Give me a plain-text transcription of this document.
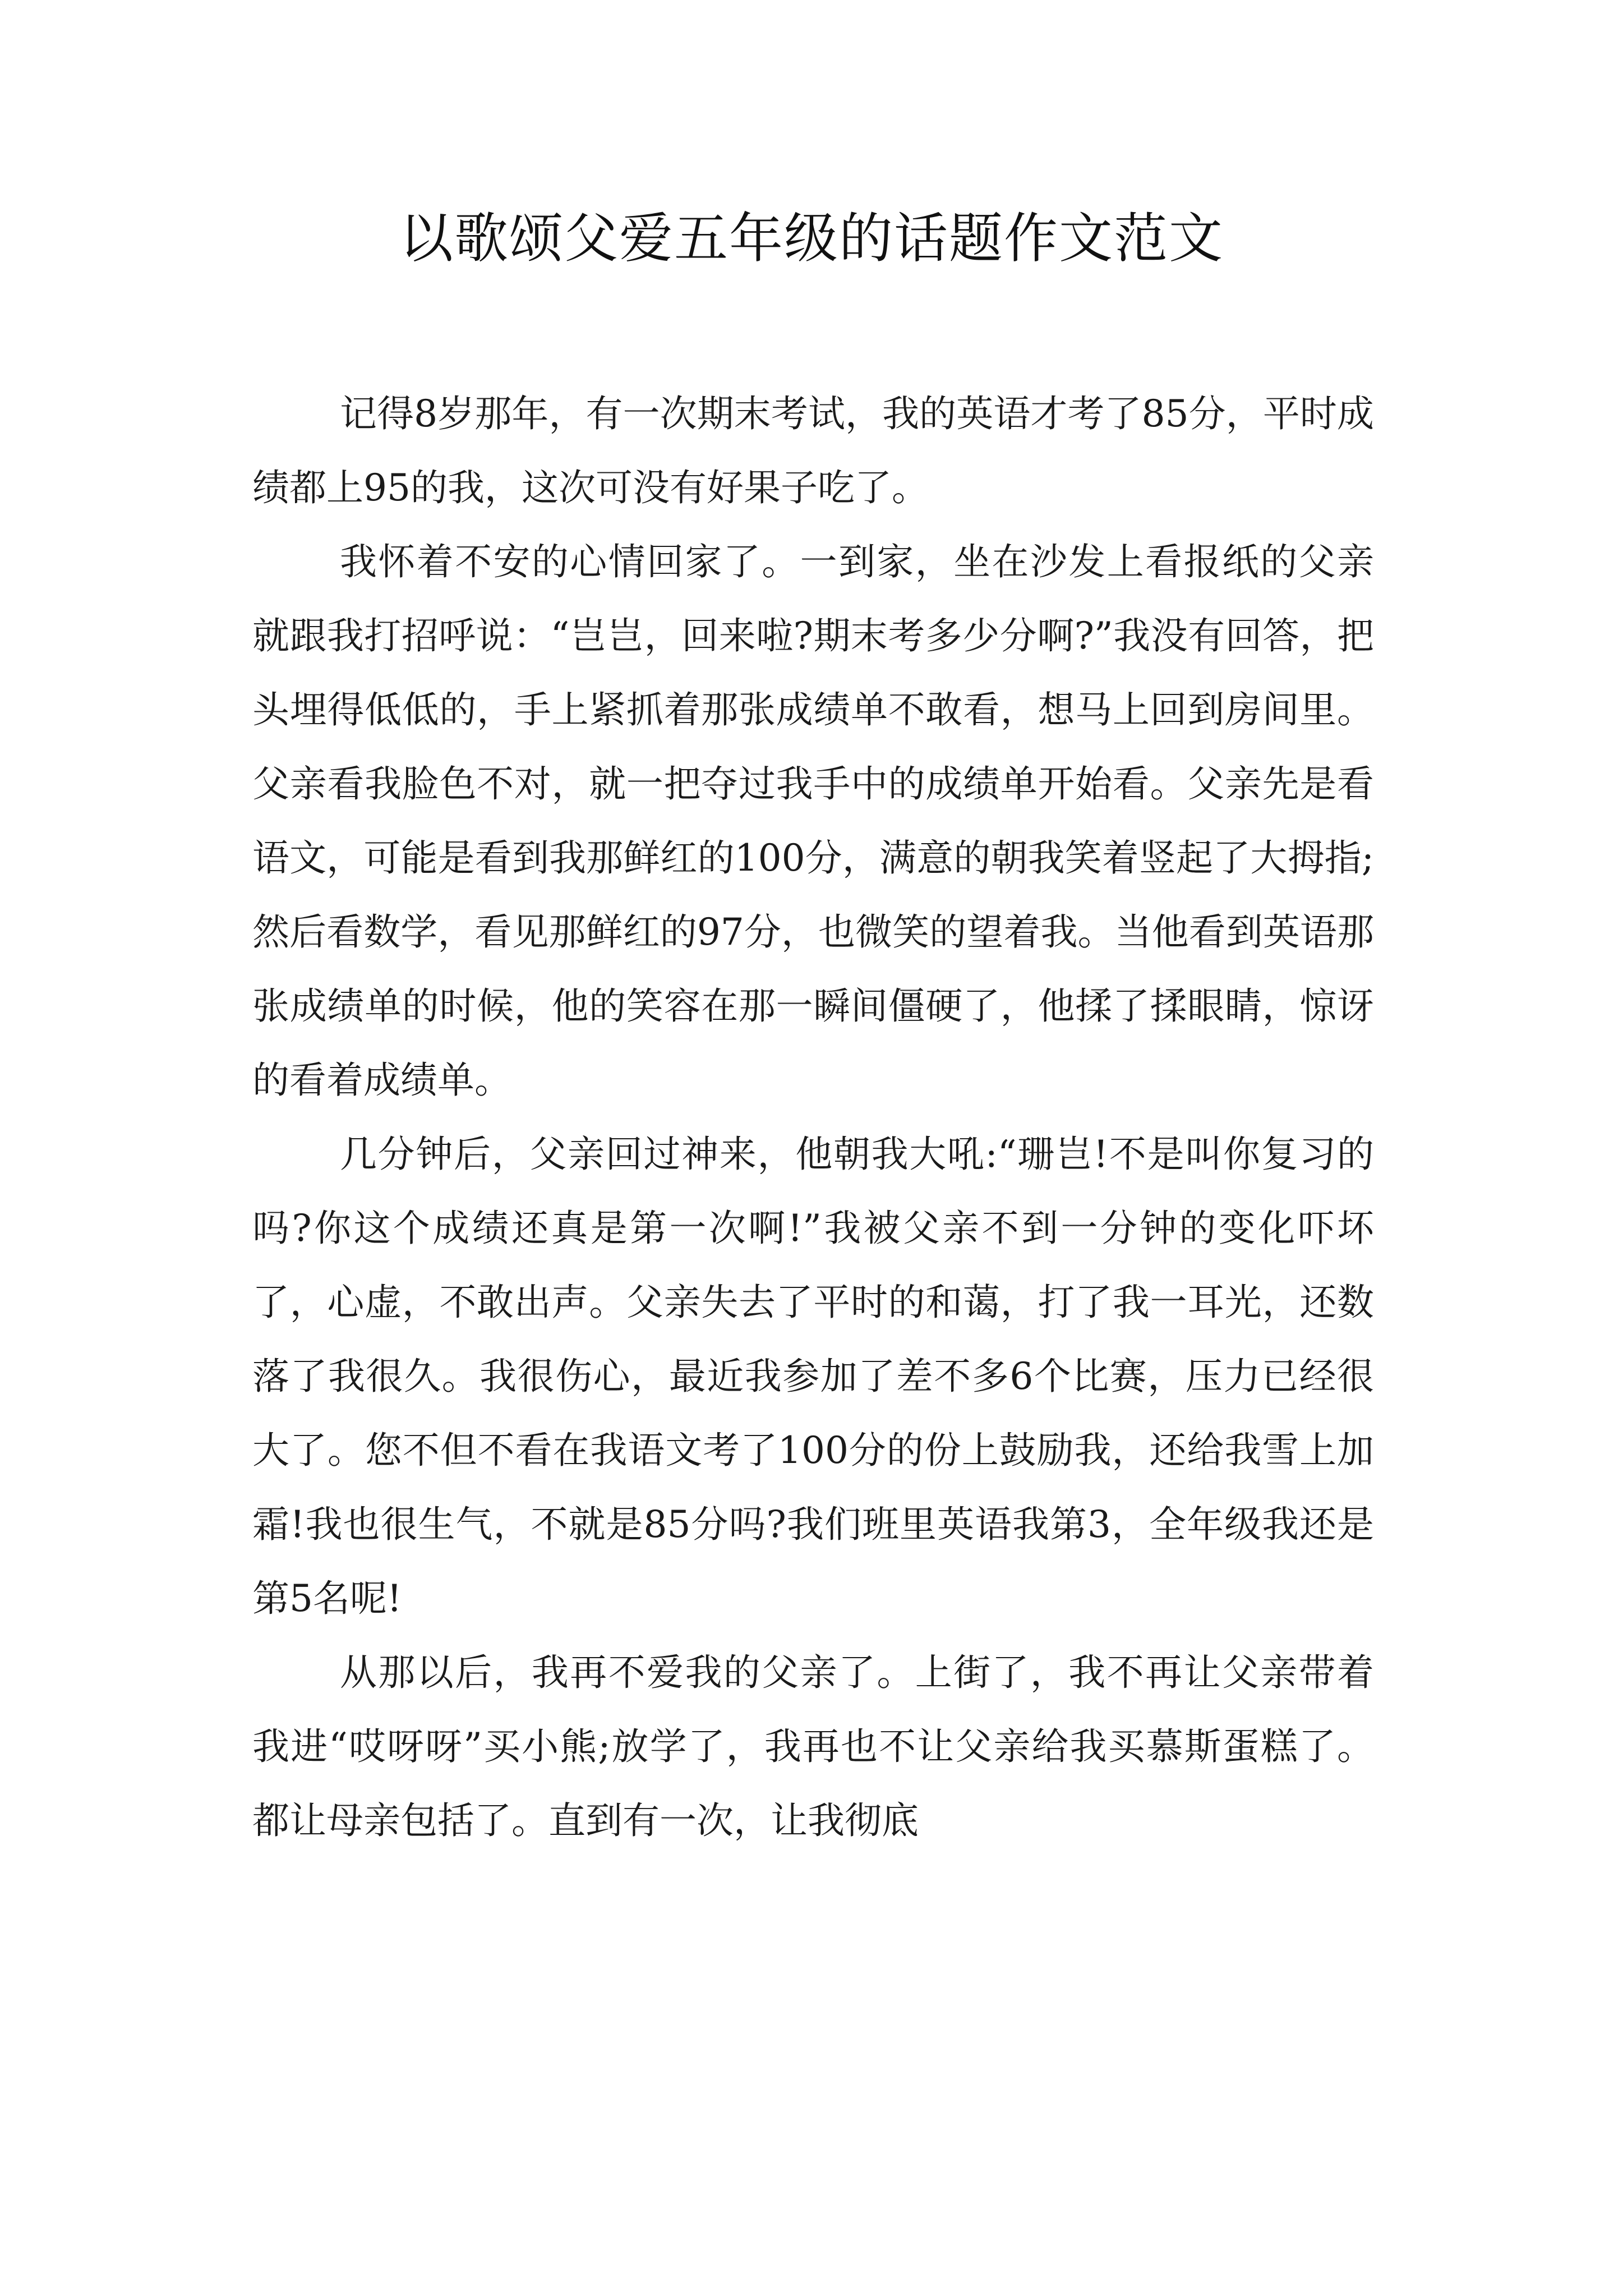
以歌颂父爱五年级的话题作文范文

记得8岁那年，有一次期末考试，我的英语才考了85分，平时成绩都上95的我，这次可没有好果子吃了。

我怀着不安的心情回家了。一到家，坐在沙发上看报纸的父亲就跟我打招呼说：“岂岂，回来啦?期末考多少分啊?”我没有回答，把头埋得低低的，手上紧抓着那张成绩单不敢看，想马上回到房间里。父亲看我脸色不对，就一把夺过我手中的成绩单开始看。父亲先是看语文，可能是看到我那鲜红的100分，满意的朝我笑着竖起了大拇指;然后看数学，看见那鲜红的97分，也微笑的望着我。当他看到英语那张成绩单的时候，他的笑容在那一瞬间僵硬了，他揉了揉眼睛，惊讶的看着成绩单。

几分钟后，父亲回过神来，他朝我大吼:“珊岂!不是叫你复习的吗?你这个成绩还真是第一次啊!”我被父亲不到一分钟的变化吓坏了，心虚，不敢出声。父亲失去了平时的和蔼，打了我一耳光，还数落了我很久。我很伤心，最近我参加了差不多6个比赛，压力已经很大了。您不但不看在我语文考了100分的份上鼓励我，还给我雪上加霜!我也很生气，不就是85分吗?我们班里英语我第3，全年级我还是第5名呢!

从那以后，我再不爱我的父亲了。上街了，我不再让父亲带着我进“哎呀呀”买小熊;放学了，我再也不让父亲给我买慕斯蛋糕了。都让母亲包括了。直到有一次，让我彻底
